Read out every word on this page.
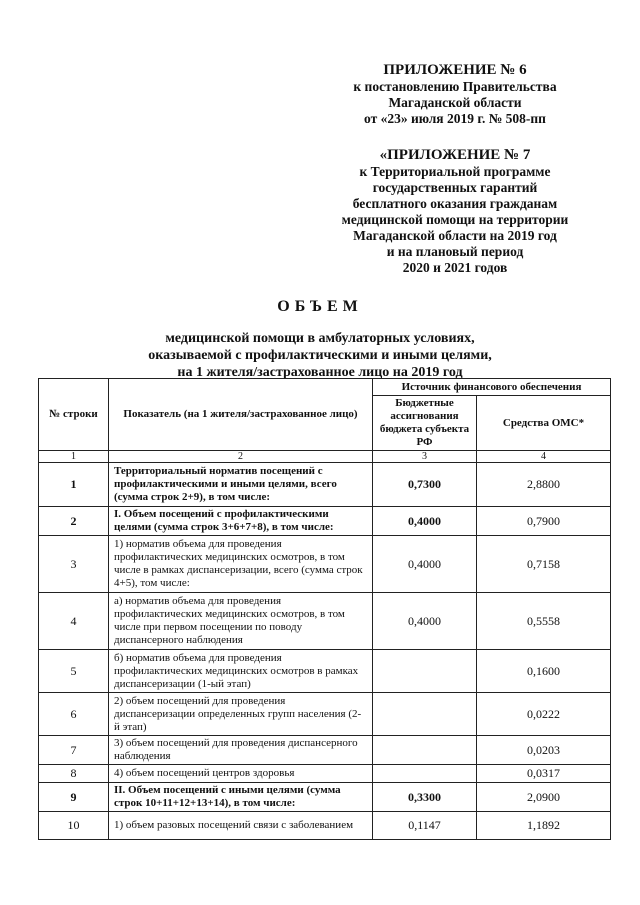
ПРИЛОЖЕНИЕ № 6
к постановлению Правительства
Магаданской области
от «23» июля 2019 г. № 508-пп
«ПРИЛОЖЕНИЕ № 7
к Территориальной программе
государственных гарантий
бесплатного оказания гражданам
медицинской помощи на территории
Магаданской области на 2019 год
и на плановый период
2020 и 2021 годов
ОБЪЕМ
медицинской помощи в амбулаторных условиях,
оказываемой с профилактическими и иными целями,
на 1 жителя/застрахованное лицо на 2019 год
№ строки	Показатель (на 1 жителя/застрахованное лицо)	Источник финансового обеспечения	
		Бюджетные ассигнования бюджета субъекта РФ	Средства ОМС*
1	2	3	4
1	Территориальный норматив посещений с профилактическими и иными целями, всего (сумма строк 2+9), в том числе:	0,7300	2,8800
2	I. Объем посещений с профилактическими целями (сумма строк 3+6+7+8), в том числе:	0,4000	0,7900
3	1) норматив объема для проведения профилактических медицинских осмотров, в том числе в рамках диспансеризации, всего (сумма строк 4+5), том числе:	0,4000	0,7158
4	а) норматив объема для проведения профилактических медицинских осмотров, в том числе при первом посещении по поводу диспансерного наблюдения	0,4000	0,5558
5	б) норматив объема для проведения профилактических медицинских осмотров в рамках диспансеризации (1-ый этап)		0,1600
6	2) объем посещений для проведения диспансеризации определенных групп населения (2-й этап)		0,0222
7	3) объем посещений для проведения диспансерного наблюдения		0,0203
8	4) объем посещений центров здоровья		0,0317
9	II. Объем посещений с иными целями (сумма строк 10+11+12+13+14), в том числе:	0,3300	2,0900
10	1) объем разовых посещений связи с заболеванием	0,1147	1,1892
